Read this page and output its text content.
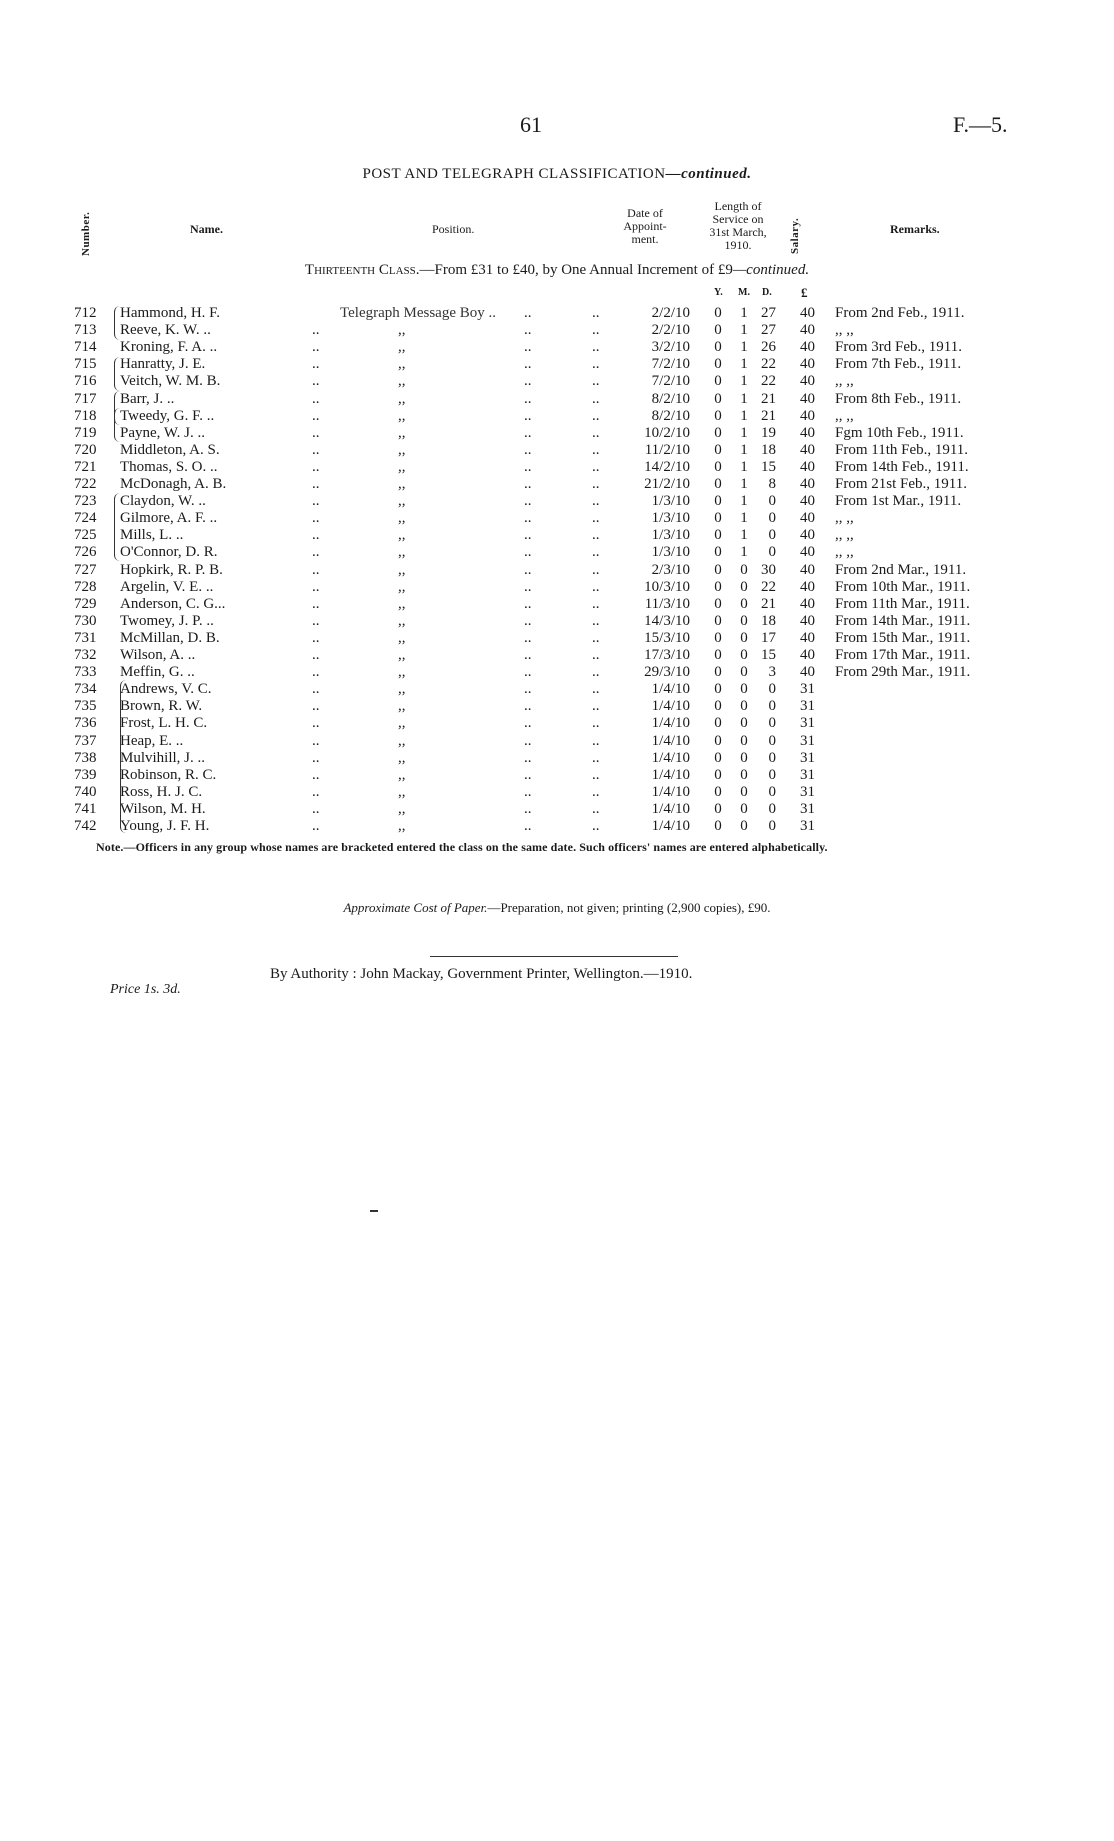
61	F.—5.
POST AND TELEGRAPH CLASSIFICATION—continued.
Number.	Name.	Position.
Date of
Appoint-
ment.
Length of
Service on
31st March,
1910.	Salary.	Remarks.
Thirteenth Class.—From £31 to £40, by One Annual Increment of £9—continued.
Y. M. D. £
712 Hammond, H. F.	Telegraph Message Boy .. ..	..	2/2/10 0 1 27 40 From 2nd Feb., 1911.
713 Reeve, K. W. ..	..	,,	..	..	2/2/10 0 1 27 40 ,, ,,
714 Kroning, F. A. ..	..	,,	..	..	3/2/10 0 1 26 40 From 3rd Feb., 1911.
715 Hanratty, J. E.	..	,,	..	..	7/2/10 0 1 22 40 From 7th Feb., 1911.
716 Veitch, W. M. B.	..	,,	..	..	7/2/10 0 1 22 40 ,, ,,
717 Barr, J. ..	..	,,	..	..	8/2/10 0 1 21 40 From 8th Feb., 1911.
718 Tweedy, G. F. ..	..	,,	..	..	8/2/10 0 1 21 40 ,, ,,
719 Payne, W. J. ..	..	,,	..	..	10/2/10 0 1 19 40 Fgm 10th Feb., 1911.
720 Middleton, A. S.	..	,,	..	..	11/2/10 0 1 18 40 From 11th Feb., 1911.
721 Thomas, S. O. ..	..	,,	..	..	14/2/10 0 1 15 40 From 14th Feb., 1911.
722 McDonagh, A. B.	..	,,	..	..	21/2/10 0 1	8 40 From 21st Feb., 1911.
723 Claydon, W. ..	..	,,	..	..	1/3/10 0 1	0 40 From 1st Mar., 1911.
724 Gilmore, A. F. ..	..	,,	..	..	1/3/10 0 1	0 40 ,, ,,
725 Mills, L. ..	..	,,	..	..	1/3/10 0 1	0 40 ,, ,,
726 O'Connor, D. R.	..	,,	..	..	1/3/10 0 1	0 40 ,, ,,
727 Hopkirk, R. P. B.	..	,,	..	..	2/3/10 0 0 30 40 From 2nd Mar., 1911.
728 Argelin, V. E. ..	..	,,	..	..	10/3/10 0 0 22 40 From 10th Mar., 1911.
729 Anderson, C. G...	..	,,	..	..	11/3/10 0 0 21 40 From 11th Mar., 1911.
730 Twomey, J. P. ..	..	,,	..	..	14/3/10 0 0 18 40 From 14th Mar., 1911.
731 McMillan, D. B.	..	,,	..	..	15/3/10 0 0 17 40 From 15th Mar., 1911.
732 Wilson, A. ..	..	,,	..	..	17/3/10 0 0 15 40 From 17th Mar., 1911.
733 Meffin, G. ..	..	,,	..	..	29/3/10 0 0	3 40 From 29th Mar., 1911.
734 Andrews, V. C.	..	,,	..	..	1/4/10 0 0	0 31
735 Brown, R. W.	..	,,	..	..	1/4/10 0 0	0 31
736 Frost, L. H. C.	..	,,	..	..	1/4/10 0 0	0 31
737 Heap, E. ..	..	,,	..	..	1/4/10 0 0	0 31
738 Mulvihill, J. ..	..	,,	..	..	1/4/10 0 0	0 31
739 Robinson, R. C.	..	,,	..	..	1/4/10 0 0	0 31
740 Ross, H. J. C.	..	,,	..	..	1/4/10 0 0	0 31
741 Wilson, M. H.	..	,,	..	..	1/4/10 0 0	0 31
742 Young, J. F. H.	..	,,	..	..	1/4/10 0 0	0 31
Note.—Officers in any group whose names are bracketed entered the class on the same date. Such officers' names are entered alphabetically.
Approximate Cost of Paper.—Preparation, not given; printing (2,900 copies), £90.
By Authority : John Mackay, Government Printer, Wellington.—1910.
Price 1s. 3d.
